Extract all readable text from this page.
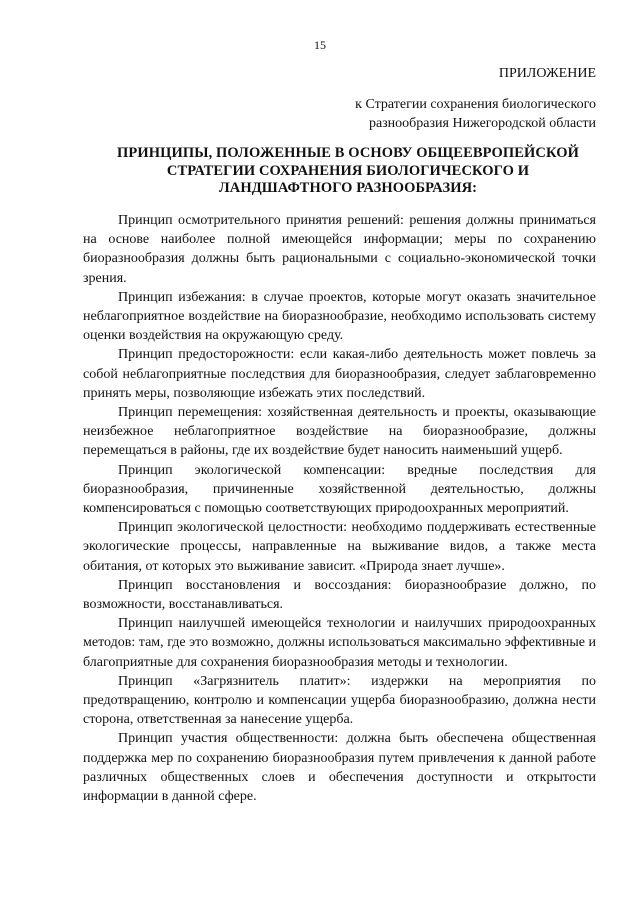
15
ПРИЛОЖЕНИЕ
к Стратегии сохранения биологического
разнообразия Нижегородской области
ПРИНЦИПЫ, ПОЛОЖЕННЫЕ В ОСНОВУ ОБЩЕЕВРОПЕЙСКОЙ
СТРАТЕГИИ СОХРАНЕНИЯ БИОЛОГИЧЕСКОГО И
ЛАНДШАФТНОГО РАЗНООБРАЗИЯ:

Принцип осмотрительного принятия решений: решения должны приниматься на основе наиболее полной имеющейся информации; меры по сохранению биоразнообразия должны быть рациональными с социально-экономической точки зрения.

Принцип избежания: в случае проектов, которые могут оказать значительное неблагоприятное воздействие на биоразнообразие, необходимо использовать систему оценки воздействия на окружающую среду.

Принцип предосторожности: если какая-либо деятельность может повлечь за собой неблагоприятные последствия для биоразнообразия, следует заблаговременно принять меры, позволяющие избежать этих последствий.

Принцип перемещения: хозяйственная деятельность и проекты, оказывающие неизбежное неблагоприятное воздействие на биоразнообразие, должны перемещаться в районы, где их воздействие будет наносить наименьший ущерб.

Принцип экологической компенсации: вредные последствия для биоразнообразия, причиненные хозяйственной деятельностью, должны компенсироваться с помощью соответствующих природоохранных мероприятий.

Принцип экологической целостности: необходимо поддерживать естественные экологические процессы, направленные на выживание видов, а также места обитания, от которых это выживание зависит. «Природа знает лучше».

Принцип восстановления и воссоздания: биоразнообразие должно, по возможности, восстанавливаться.

Принцип наилучшей имеющейся технологии и наилучших природоохранных методов: там, где это возможно, должны использоваться максимально эффективные и благоприятные для сохранения биоразнообразия методы и технологии.

Принцип «Загрязнитель платит»: издержки на мероприятия по предотвращению, контролю и компенсации ущерба биоразнообразию, должна нести сторона, ответственная за нанесение ущерба.

Принцип участия общественности: должна быть обеспечена общественная поддержка мер по сохранению биоразнообразия путем привлечения к данной работе различных общественных слоев и обеспечения доступности и открытости информации в данной сфере.
